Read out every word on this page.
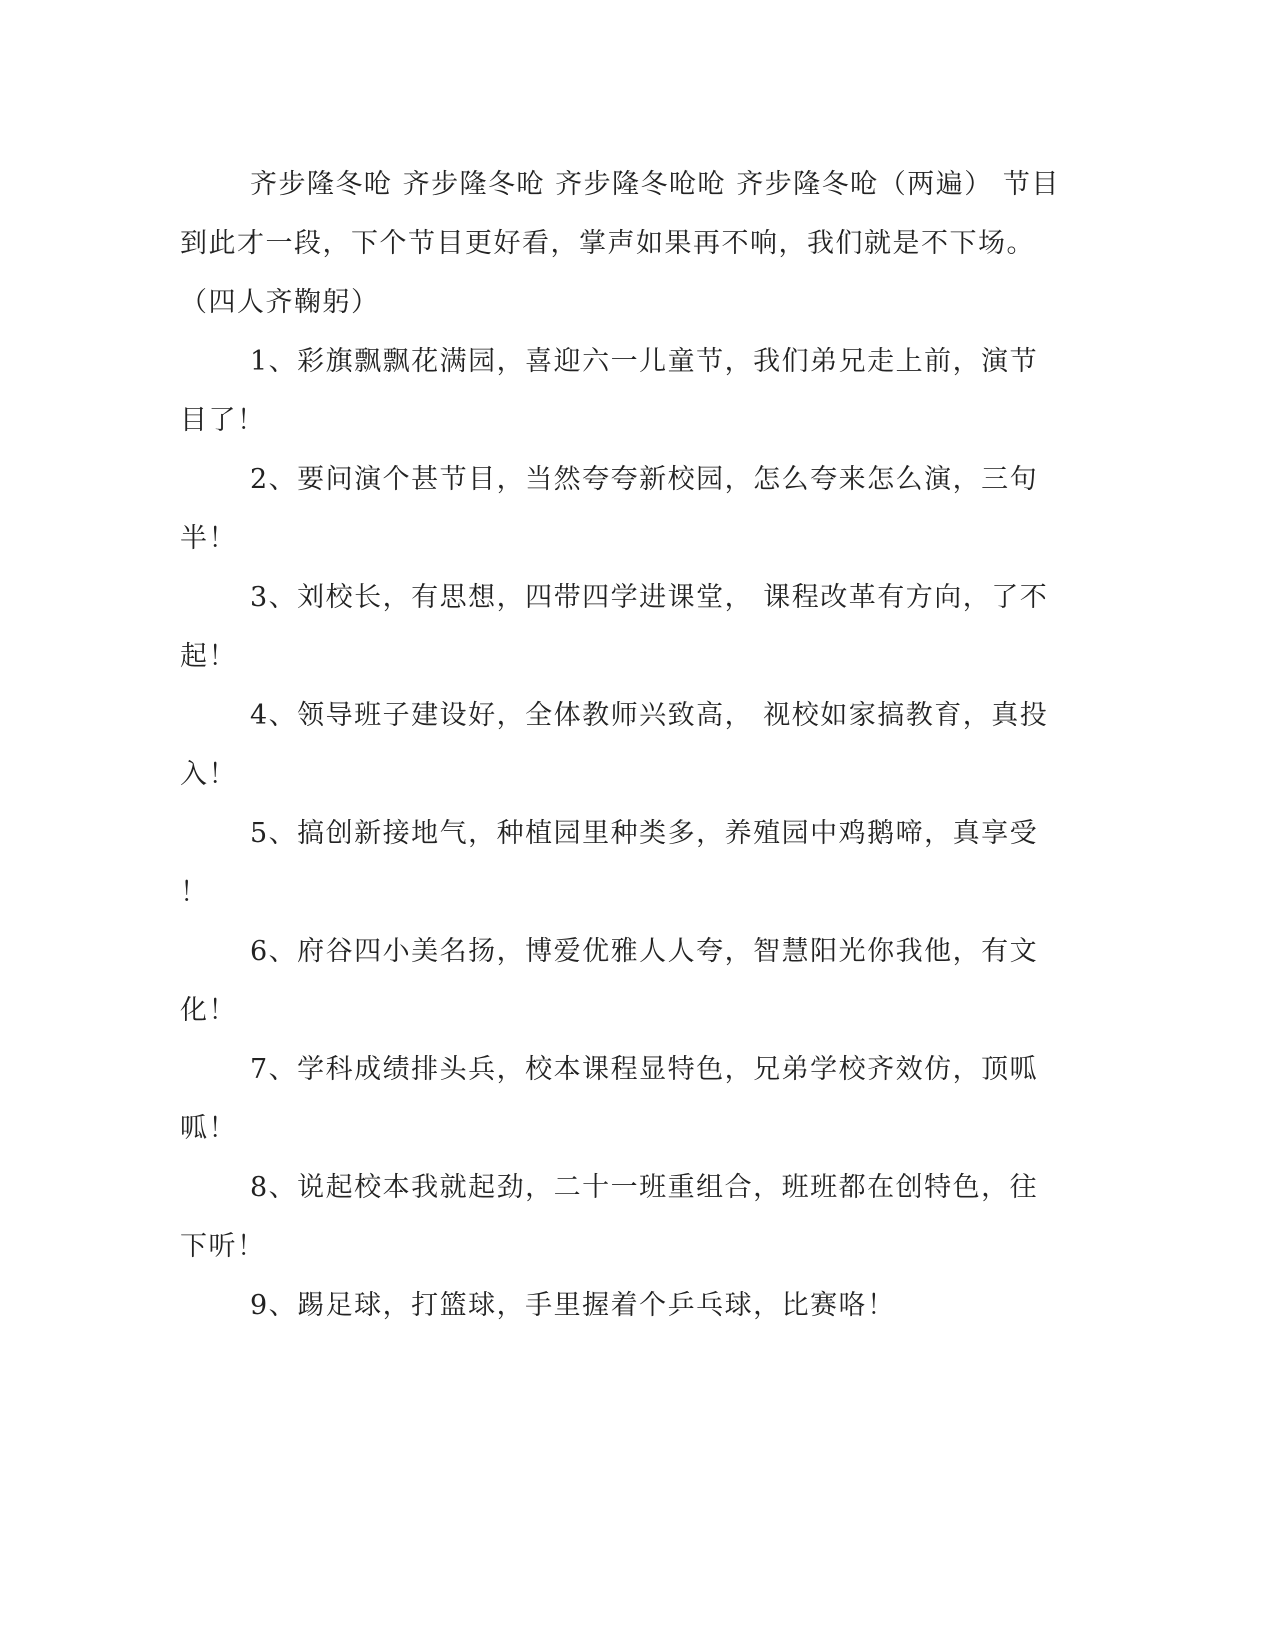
齐步隆冬呛 齐步隆冬呛 齐步隆冬呛呛 齐步隆冬呛（两遍） 节目
到此才一段，下个节目更好看，掌声如果再不响，我们就是不下场。
（四人齐鞠躬）
1、彩旗飘飘花满园，喜迎六一儿童节，我们弟兄走上前，演节
目了！
2、要问演个甚节目，当然夸夸新校园，怎么夸来怎么演，三句
半！
3、刘校长，有思想，四带四学进课堂， 课程改革有方向，了不
起！
4、领导班子建设好，全体教师兴致高， 视校如家搞教育，真投
入！
5、搞创新接地气，种植园里种类多，养殖园中鸡鹅啼，真享受
！
6、府谷四小美名扬，博爱优雅人人夸，智慧阳光你我他，有文
化！
7、学科成绩排头兵，校本课程显特色，兄弟学校齐效仿，顶呱
呱！
8、说起校本我就起劲，二十一班重组合，班班都在创特色，往
下听！
9、踢足球，打篮球，手里握着个乒乓球，比赛咯！
